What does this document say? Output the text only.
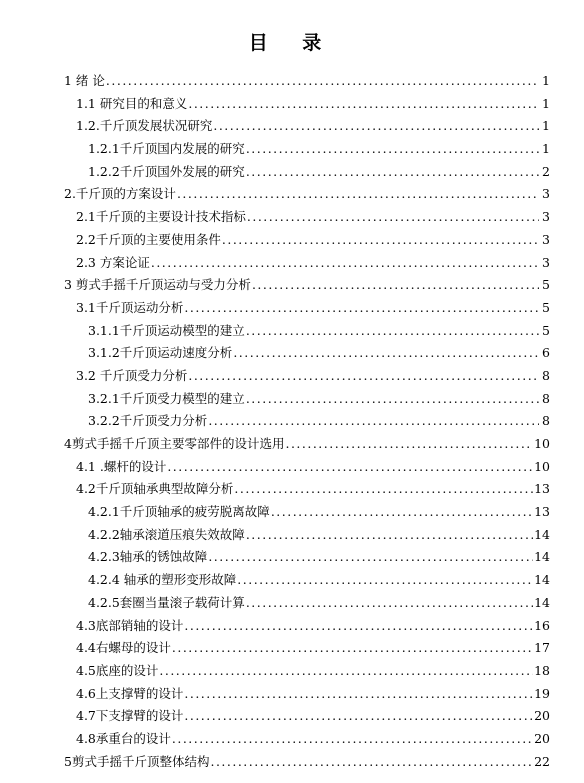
目 录
1 绪 论 .....	1
1.1 研究目的和意义 .....	1
1.2.千斤顶发展状况研究 .....	1
1.2.1千斤顶国内发展的研究 .....	1
1.2.2千斤顶国外发展的研究 .....	2
2.千斤顶的方案设计 .....	3
2.1千斤顶的主要设计技术指标 .....	3
2.2千斤顶的主要使用条件 .....	3
2.3 方案论证 .....	3
3 剪式手摇千斤顶运动与受力分析 .....	5
3.1千斤顶运动分析 .....	5
3.1.1千斤顶运动模型的建立 .....	5
3.1.2千斤顶运动速度分析 .....	6
3.2 千斤顶受力分析 .....	8
3.2.1千斤顶受力模型的建立 .....	8
3.2.2千斤顶受力分析 .....	8
4剪式手摇千斤顶主要零部件的设计选用 .....	10
4.1 .螺杆的设计 .....	10
4.2千斤顶轴承典型故障分析 .....	13
4.2.1千斤顶轴承的疲劳脱离故障 .....	13
4.2.2轴承滚道压痕失效故障 .....	14
4.2.3轴承的锈蚀故障 .....	14
4.2.4 轴承的塑形变形故障 .....	14
4.2.5套圈当量滚子载荷计算 .....	14
4.3底部销轴的设计 .....	16
4.4右螺母的设计 .....	17
4.5底座的设计 .....	18
4.6上支撑臂的设计 .....	19
4.7下支撑臂的设计 .....	20
4.8承重台的设计 .....	20
5剪式手摇千斤顶整体结构 .....	22
